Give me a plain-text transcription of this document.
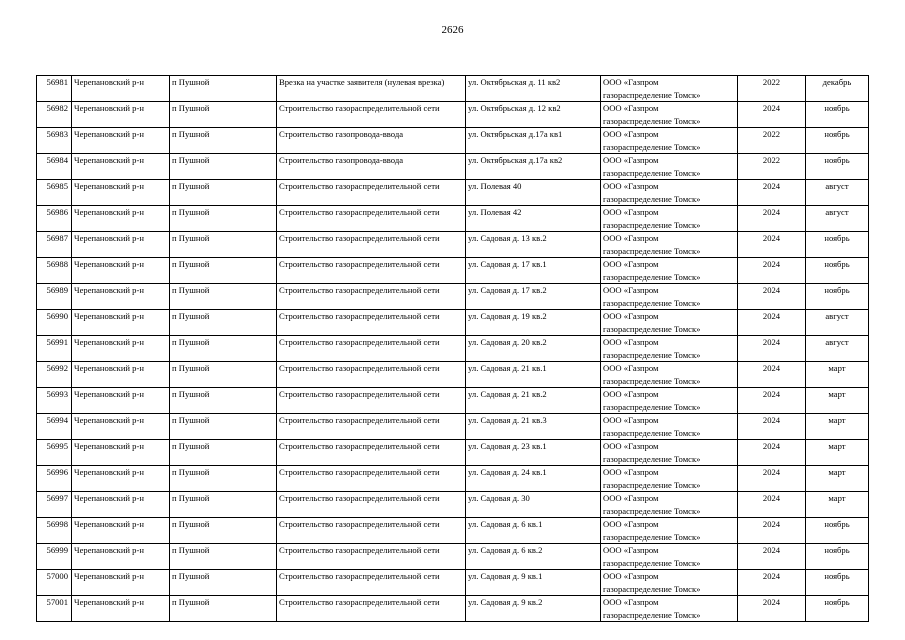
2626
56981	Черепановский р-н	п Пушной	Врезка на участке заявителя (нулевая врезка)	ул. Октябрьская д. 11 кв2	ООО «Газпром
газораспределение Томск»	2022	декабрь
56982	Черепановский р-н	п Пушной	Строительство газораспределительной сети	ул. Октябрьская д. 12 кв2	ООО «Газпром
газораспределение Томск»	2024	ноябрь
56983	Черепановский р-н	п Пушной	Строительство газопровода-ввода	ул. Октябрьская д.17а кв1	ООО «Газпром
газораспределение Томск»	2022	ноябрь
56984	Черепановский р-н	п Пушной	Строительство газопровода-ввода	ул. Октябрьская д.17а кв2	ООО «Газпром
газораспределение Томск»	2022	ноябрь
56985	Черепановский р-н	п Пушной	Строительство газораспределительной сети	ул. Полевая 40	ООО «Газпром
газораспределение Томск»	2024	август
56986	Черепановский р-н	п Пушной	Строительство газораспределительной сети	ул. Полевая 42	ООО «Газпром
газораспределение Томск»	2024	август
56987	Черепановский р-н	п Пушной	Строительство газораспределительной сети	ул. Садовая д. 13 кв.2	ООО «Газпром
газораспределение Томск»	2024	ноябрь
56988	Черепановский р-н	п Пушной	Строительство газораспределительной сети	ул. Садовая д. 17 кв.1	ООО «Газпром
газораспределение Томск»	2024	ноябрь
56989	Черепановский р-н	п Пушной	Строительство газораспределительной сети	ул. Садовая д. 17 кв.2	ООО «Газпром
газораспределение Томск»	2024	ноябрь
56990	Черепановский р-н	п Пушной	Строительство газораспределительной сети	ул. Садовая д. 19 кв.2	ООО «Газпром
газораспределение Томск»	2024	август
56991	Черепановский р-н	п Пушной	Строительство газораспределительной сети	ул. Садовая д. 20 кв.2	ООО «Газпром
газораспределение Томск»	2024	август
56992	Черепановский р-н	п Пушной	Строительство газораспределительной сети	ул. Садовая д. 21 кв.1	ООО «Газпром
газораспределение Томск»	2024	март
56993	Черепановский р-н	п Пушной	Строительство газораспределительной сети	ул. Садовая д. 21 кв.2	ООО «Газпром
газораспределение Томск»	2024	март
56994	Черепановский р-н	п Пушной	Строительство газораспределительной сети	ул. Садовая д. 21 кв.3	ООО «Газпром
газораспределение Томск»	2024	март
56995	Черепановский р-н	п Пушной	Строительство газораспределительной сети	ул. Садовая д. 23 кв.1	ООО «Газпром
газораспределение Томск»	2024	март
56996	Черепановский р-н	п Пушной	Строительство газораспределительной сети	ул. Садовая д. 24 кв.1	ООО «Газпром
газораспределение Томск»	2024	март
56997	Черепановский р-н	п Пушной	Строительство газораспределительной сети	ул. Садовая д. 30	ООО «Газпром
газораспределение Томск»	2024	март
56998	Черепановский р-н	п Пушной	Строительство газораспределительной сети	ул. Садовая д. 6 кв.1	ООО «Газпром
газораспределение Томск»	2024	ноябрь
56999	Черепановский р-н	п Пушной	Строительство газораспределительной сети	ул. Садовая д. 6 кв.2	ООО «Газпром
газораспределение Томск»	2024	ноябрь
57000	Черепановский р-н	п Пушной	Строительство газораспределительной сети	ул. Садовая д. 9 кв.1	ООО «Газпром
газораспределение Томск»	2024	ноябрь
57001	Черепановский р-н	п Пушной	Строительство газораспределительной сети	ул. Садовая д. 9 кв.2	ООО «Газпром
газораспределение Томск»	2024	ноябрь
